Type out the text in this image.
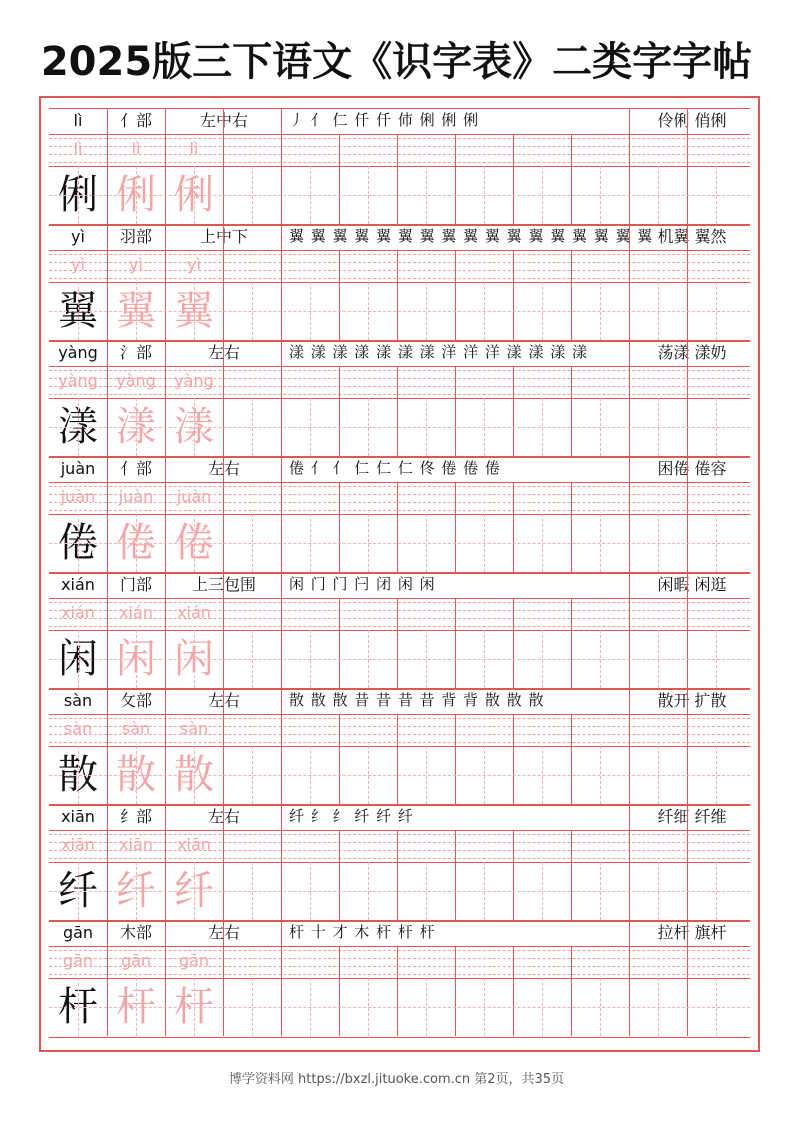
2025版三下语文《识字表》二类字字帖
lì	亻部	左中右	丿 亻 仁 仟 仟 伂 俐 俐 俐	伶俐 俏俐
lì	lì	lì
俐 俐 俐
yì	羽部	上中下	翼 翼 翼 翼 翼 翼 翼 翼 翼 翼 翼 翼 翼 翼 翼 翼 翼 机翼 翼然
yì	yì	yì
翼 翼 翼
yàng	氵部	左右	漾 漾 漾 漾 漾 漾 漾 洋 洋 洋 漾 漾 漾 漾	荡漾 漾奶
yàng	yàng	yàng
漾 漾 漾
juàn	亻部	左右	倦 亻 亻 仁 仁 仁 佟 倦 倦 倦	困倦 倦容
juàn	juàn	juàn
倦 倦 倦
xián	门部	上三包围	闲 门 门 闩 闭 闲 闲	闲暇 闲逛
xián	xián	xián
闲 闲 闲
sàn	攵部	左右	散 散 散 昔 昔 昔 昔 背 背 散 散 散	散开 扩散
sàn	sàn	sàn
散 散 散
xiān	纟部	左右	纤 纟 纟 纤 纤 纤	纤细 纤维
xiān	xiān	xiān
纤 纤 纤
gān	木部	左右	杆 十 才 木 杆 杆 杆	拉杆 旗杆
gān	gān	gān
杆 杆 杆
博学资料网 https://bxzl.jituoke.com.cn 第2页，共35页
